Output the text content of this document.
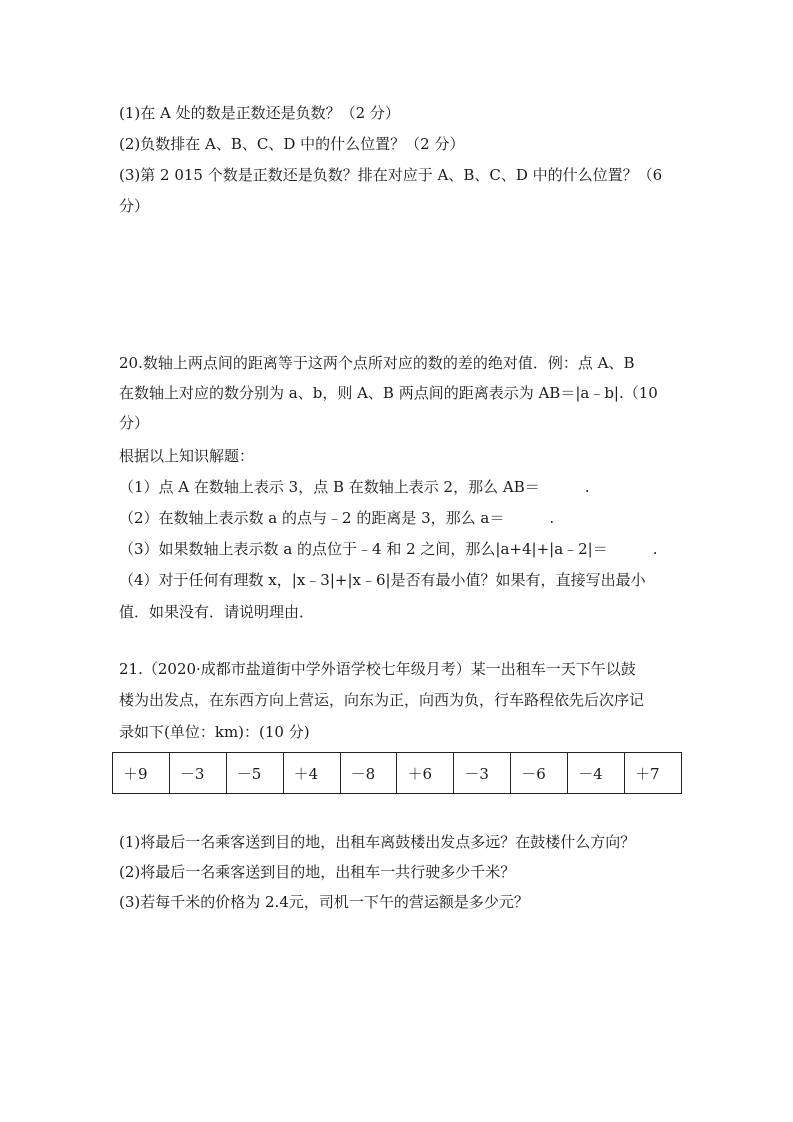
(1)在 A 处的数是正数还是负数？（2 分）
(2)负数排在 A、B、C、D 中的什么位置？（2 分）
(3)第 2 015 个数是正数还是负数？排在对应于 A、B、C、D 中的什么位置？（6
分）
20.数轴上两点间的距离等于这两个点所对应的数的差的绝对值．例：点 A、B
在数轴上对应的数分别为 a、b，则 A、B 两点间的距离表示为 AB＝|a﹣b|.（10
分）
根据以上知识解题：
（1）点 A 在数轴上表示 3，点 B 在数轴上表示 2，那么 AB＝　　　.
（2）在数轴上表示数 a 的点与﹣2 的距离是 3，那么 a＝　　　.
（3）如果数轴上表示数 a 的点位于﹣4 和 2 之间，那么|a+4|+|a﹣2|＝　　　.
（4）对于任何有理数 x，|x﹣3|+|x﹣6|是否有最小值？如果有，直接写出最小
值．如果没有．请说明理由．
21.（2020·成都市盐道街中学外语学校七年级月考）某一出租车一天下午以鼓
楼为出发点，在东西方向上营运，向东为正，向西为负，行车路程依先后次序记
录如下(单位：km)：(10 分)
＋9	－3	－5	＋4	－8	＋6	－3	－6	－4	＋7
(1)将最后一名乘客送到目的地，出租车离鼓楼出发点多远？在鼓楼什么方向？
(2)将最后一名乘客送到目的地，出租车一共行驶多少千米？
(3)若每千米的价格为 2.4元，司机一下午的营运额是多少元？
